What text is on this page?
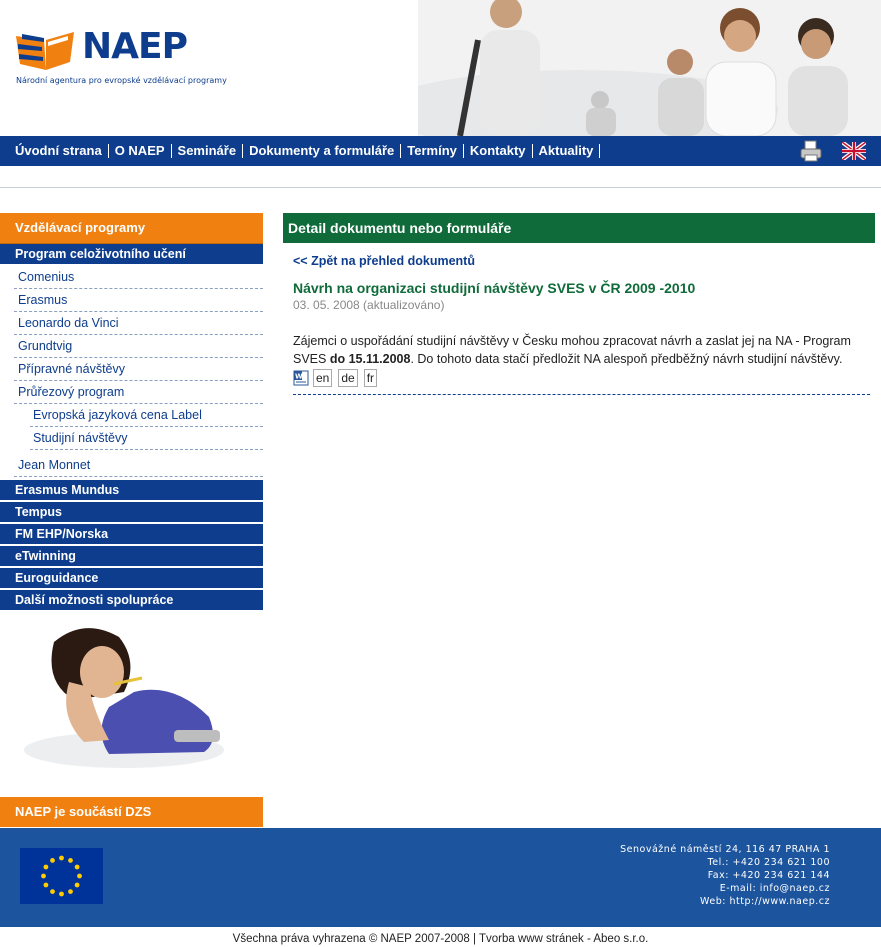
NAEP
Národní agentura pro evropské vzdělávací programy
Úvodní strana	O NAEP	Semináře	Dokumenty a formuláře	Termíny	Kontakty	Aktuality
Vzdělávací programy
Program celoživotního učení
Comenius
Erasmus
Leonardo da Vinci
Grundtvig
Přípravné návštěvy
Průřezový program
Evropská jazyková cena Label
Studijní návštěvy
Jean Monnet
Erasmus Mundus
Tempus
FM EHP/Norska
eTwinning
Euroguidance
Další možnosti spolupráce
NAEP je součástí DZS
Detail dokumentu nebo formuláře
<< Zpět na přehled dokumentů
Návrh na organizaci studijní návštěvy SVES v ČR 2009 -2010
03. 05. 2008 (aktualizováno)
Zájemci o uspořádání studijní návštěvy v Česku mohou zpracovat návrh a zaslat jej na NA - Program SVES do 15.11.2008. Do tohoto data stačí předložit NA alespoň předběžný návrh studijní návštěvy.
W en de fr
Senovážné náměstí 24, 116 47 PRAHA 1
Tel.: +420 234 621 100
Fax: +420 234 621 144
E-mail: info@naep.cz
Web: http://www.naep.cz
Všechna práva vyhrazena © NAEP 2007-2008 | Tvorba www stránek - Abeo s.r.o.
